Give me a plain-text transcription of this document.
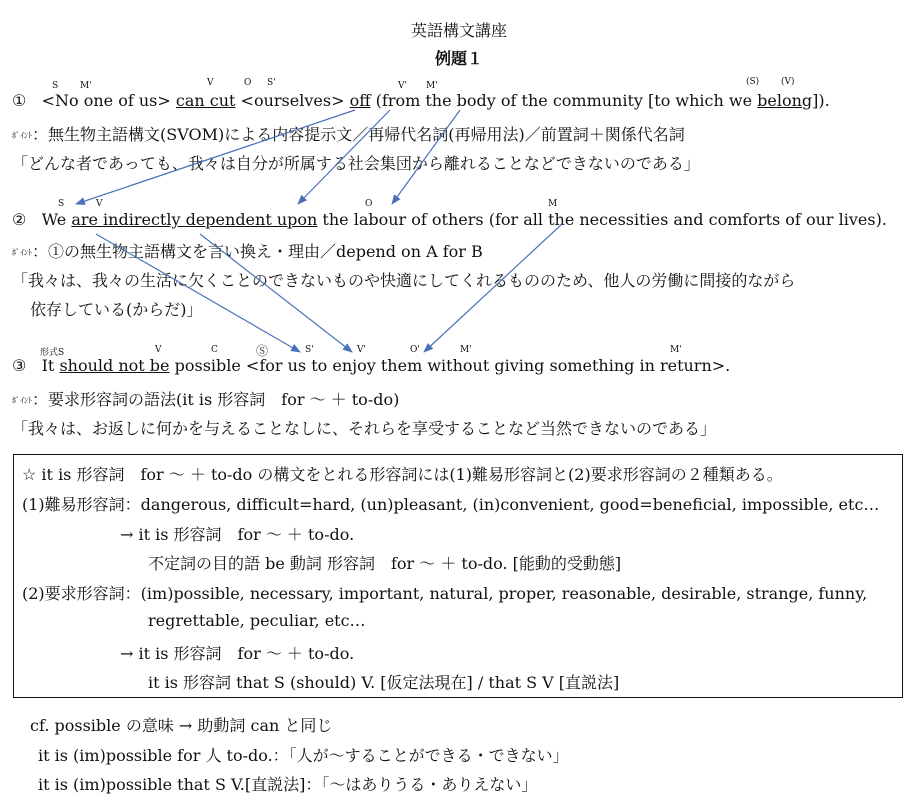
英語構文講座
例題１
S M'	V	O S'	V' M'	(S) (V)
① <No one of us> can cut <ourselves> off (from the body of the community [to which we belong]).
ﾎﾟｲﾝﾄ：無生物主語構文(SVOM)による内容提示文／再帰代名詞(再帰用法)／前置詞＋関係代名詞
「どんな者であっても、我々は自分が所属する社会集団から離れることなどできないのである」
S	V	O	M
② We are indirectly dependent upon the labour of others (for all the necessities and comforts of our lives).
ﾎﾟｲﾝﾄ：①の無生物主語構文を言い換え・理由／depend on A for B
「我々は、我々の生活に欠くことのできないものや快適にしてくれるもののため、他人の労働に間接的ながら
依存している(からだ)」
形式S	V	C	Ⓢ	S'	V'	O'	M'	M'
③ It should not be possible <for us to enjoy them without giving something in return>.
ﾎﾟｲﾝﾄ：要求形容詞の語法(it is 形容詞　for ～ ＋ to-do)
「我々は、お返しに何かを与えることなしに、それらを享受することなど当然できないのである」
☆ it is 形容詞　for ～ ＋ to-do の構文をとれる形容詞には(1)難易形容詞と(2)要求形容詞の２種類ある。
(1)難易形容詞：dangerous, difficult=hard, (un)pleasant, (in)convenient, good=beneficial, impossible, etc…
→ it is 形容詞　for ～ ＋ to-do.
不定詞の目的語 be 動詞 形容詞　for ～ ＋ to-do. [能動的受動態]
(2)要求形容詞：(im)possible, necessary, important, natural, proper, reasonable, desirable, strange, funny,
regrettable, peculiar, etc…
→ it is 形容詞　for ～ ＋ to-do.
it is 形容詞 that S (should) V. [仮定法現在] / that S V [直説法]
cf. possible の意味 → 助動詞 can と同じ
it is (im)possible for 人 to-do.：「人が～することができる・できない」
it is (im)possible that S V.[直説法]：「～はありうる・ありえない」
